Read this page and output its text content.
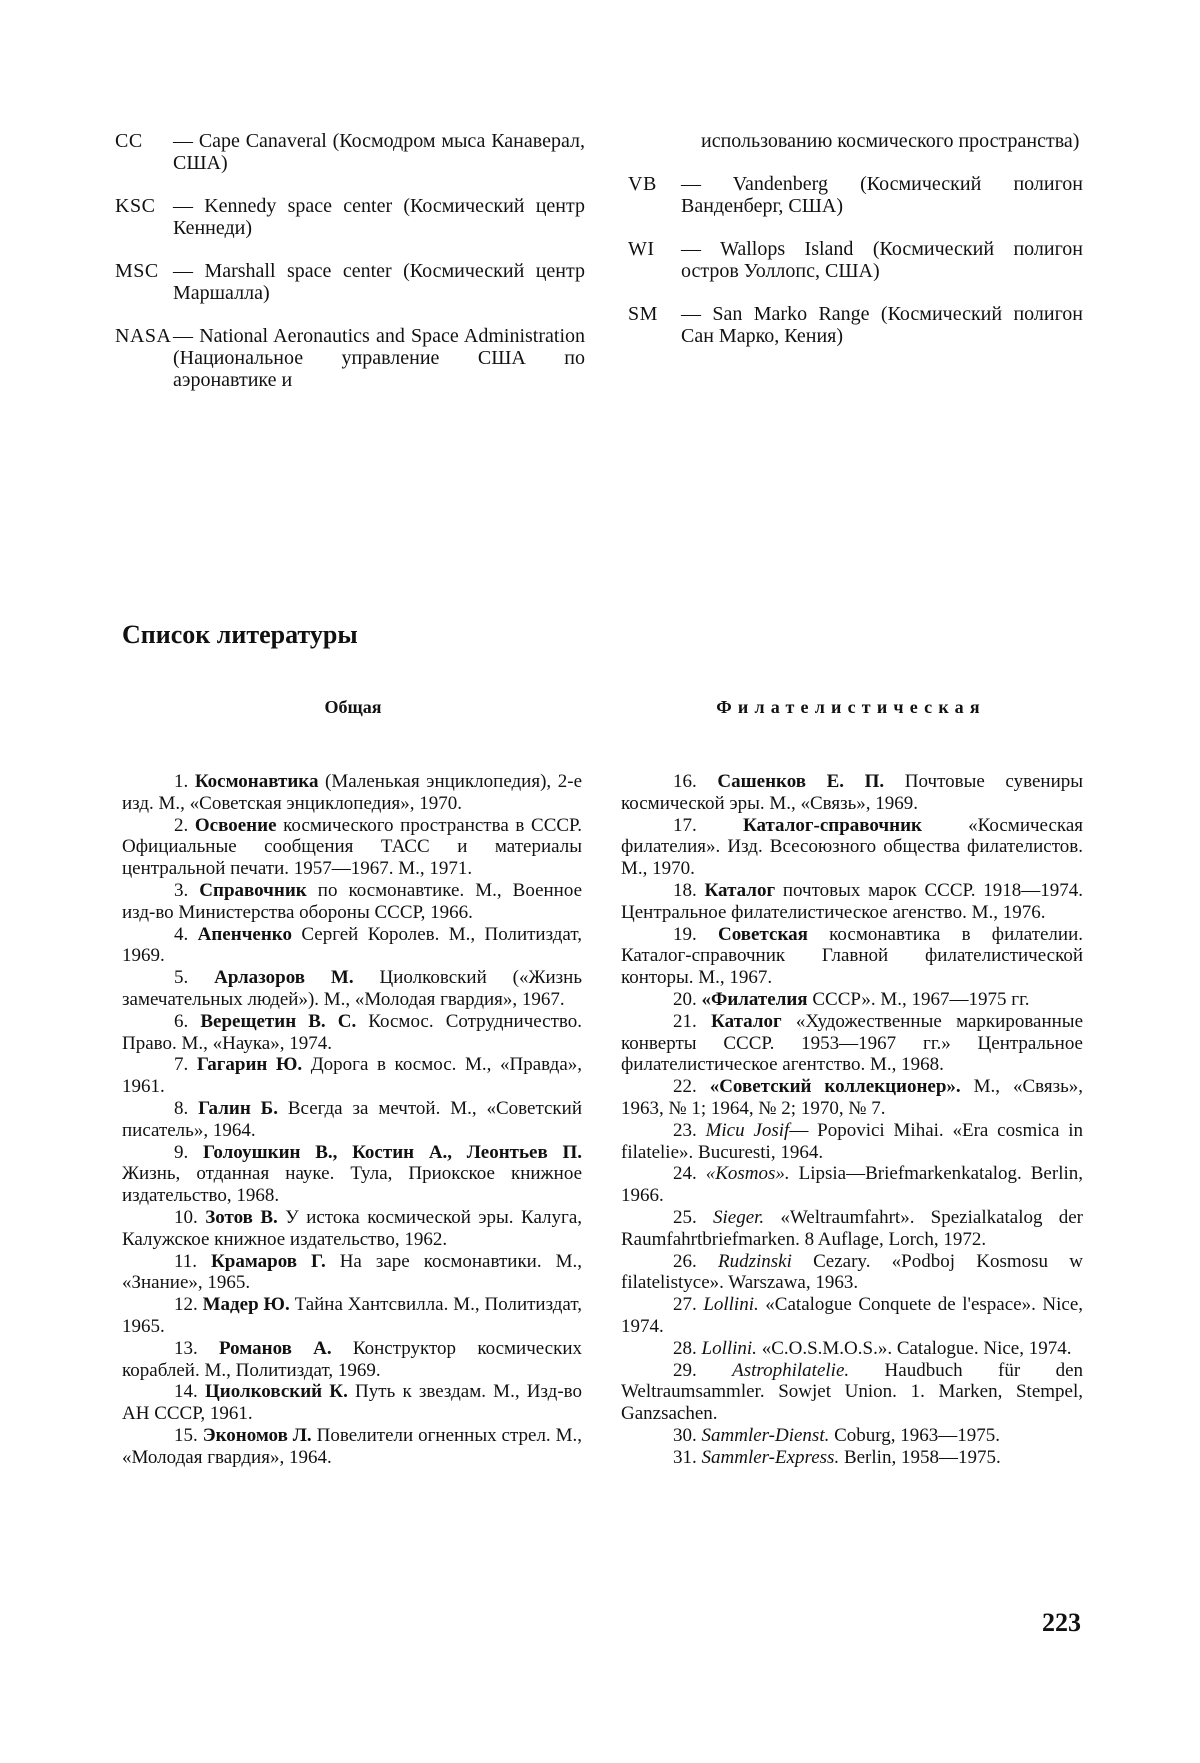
CC	— Cape Canaveral (Космодром мыса Канаверал, США)
KSC — Kennedy space center (Космический центр Кеннеди)
MSC — Marshall space center (Космический центр Маршалла)
NASA — National Aeronautics and Space Administration (Национальное управление США по аэронавтике и
использованию космического пространства)
VB	— Vandenberg (Космический полигон Ванденберг, США)
WI	— Wallops Island (Космический полигон остров Уоллопс, США)
SM	— San Marko Range (Космический полигон Сан Марко, Кения)
Список литературы
Общая	Филателистическая

1. Космонавтика (Маленькая энциклопедия), 2-е изд. М., «Советская энциклопедия», 1970.

2. Освоение космического пространства в СССР. Официальные сообщения ТАСС и материалы центральной печати. 1957—1967. М., 1971.

3. Справочник по космонавтике. М., Военное изд-во Министерства обороны СССР, 1966.

4. Апенченко Сергей Королев. М., Политиздат, 1969.

5. Арлазоров М. Циолковский («Жизнь замечательных людей»). М., «Молодая гвардия», 1967.

6. Верещетин В. С. Космос. Сотрудничество. Право. М., «Наука», 1974.

7. Гагарин Ю. Дорога в космос. М., «Правда», 1961.

8. Галин Б. Всегда за мечтой. М., «Советский писатель», 1964.

9. Голоушкин В., Костин А., Леонтьев П. Жизнь, отданная науке. Тула, Приокское книжное издательство, 1968.

10. Зотов В. У истока космической эры. Калуга, Калужское книжное издательство, 1962.

11. Крамаров Г. На заре космонавтики. М., «Знание», 1965.

12. Мадер Ю. Тайна Хантсвилла. М., Политиздат, 1965.

13. Романов А. Конструктор космических кораблей. М., Политиздат, 1969.

14. Циолковский К. Путь к звездам. М., Изд-во АН СССР, 1961.

15. Экономов Л. Повелители огненных стрел. М., «Молодая гвардия», 1964.

16. Сашенков Е. П. Почтовые сувениры космической эры. М., «Связь», 1969.

17. Каталог-справочник «Космическая филателия». Изд. Всесоюзного общества филателистов. М., 1970.

18. Каталог почтовых марок СССР. 1918—1974. Центральное филателистическое агенство. М., 1976.

19. Советская космонавтика в филателии. Каталог-справочник Главной филателистической конторы. М., 1967.

20. «Филателия СССР». М., 1967—1975 гг.

21. Каталог «Художественные маркированные конверты СССР. 1953—1967 гг.» Центральное филателистическое агентство. М., 1968.

22. «Советский коллекционер». М., «Связь», 1963, № 1; 1964, № 2; 1970, № 7.

23. Micu Josif— Popovici Mihai. «Era cosmica in filatelie». Bucuresti, 1964.

24. «Kosmos». Lipsia—Briefmarkenkatalog. Berlin, 1966.

25. Sieger. «Weltraumfahrt». Spezialkatalog der Raumfahrtbriefmarken. 8 Auflage, Lorch, 1972.

26. Rudzinski Cezary. «Podboj Kosmosu w filatelistyce». Warszawa, 1963.

27. Lollini. «Catalogue Conquete de l'espace». Nice, 1974.

28. Lollini. «C.O.S.M.O.S.». Catalogue. Nice, 1974.

29. Astrophilatelie. Haudbuch für den Weltraumsammler. Sowjet Union. 1. Marken, Stempel, Ganzsachen.

30. Sammler-Dienst. Coburg, 1963—1975.

31. Sammler-Express. Berlin, 1958—1975.

223
